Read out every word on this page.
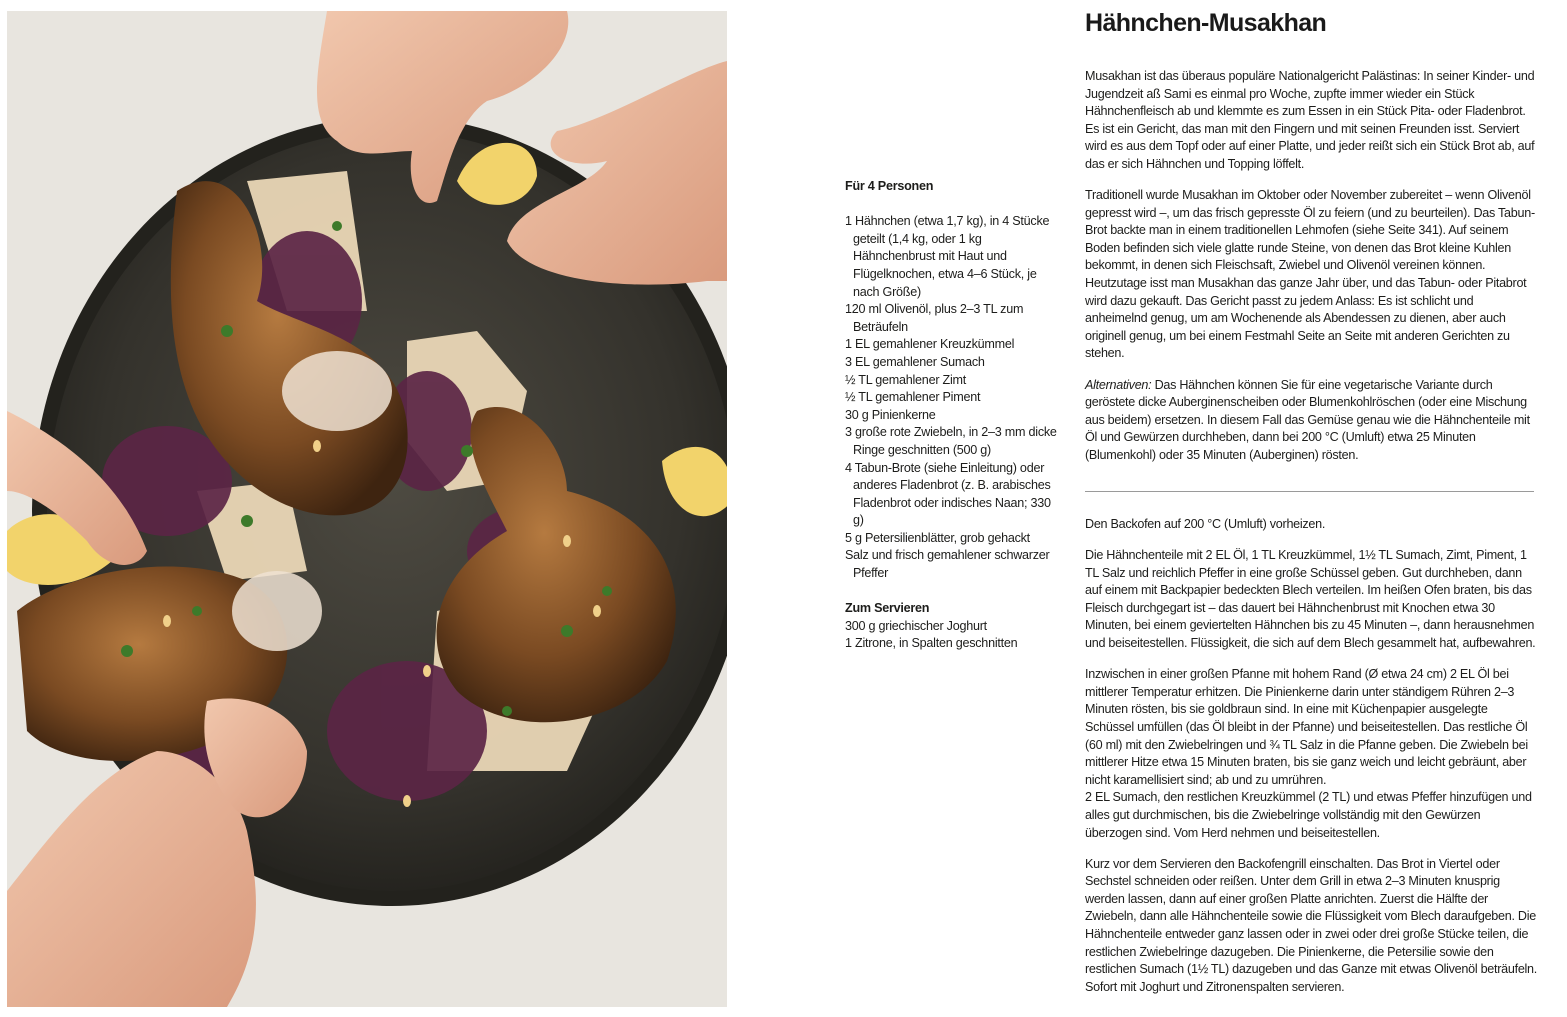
Hähnchen-Musakhan

Für 4 Personen

1 Hähnchen (etwa 1,7 kg), in 4 Stücke geteilt (1,4 kg, oder 1 kg Hähnchenbrust mit Haut und Flügelknochen, etwa 4–6 Stück, je nach Größe)
120 ml Olivenöl, plus 2–3 TL zum Beträufeln
1 EL gemahlener Kreuzkümmel
3 EL gemahlener Sumach
½ TL gemahlener Zimt
½ TL gemahlener Piment
30 g Pinienkerne
3 große rote Zwiebeln, in 2–3 mm dicke Ringe geschnitten (500 g)
4 Tabun-Brote (siehe Einleitung) oder anderes Fladenbrot (z. B. arabisches Fladenbrot oder indisches Naan; 330 g)
5 g Petersilienblätter, grob gehackt
Salz und frisch gemahlener schwarzer Pfeffer

Zum Servieren

300 g griechischer Joghurt
1 Zitrone, in Spalten geschnitten

Musakhan ist das überaus populäre Nationalgericht Palästinas: In seiner Kinder- und Jugendzeit aß Sami es einmal pro Woche, zupfte immer wieder ein Stück Hähnchenfleisch ab und klemmte es zum Essen in ein Stück Pita- oder Fladenbrot. Es ist ein Gericht, das man mit den Fingern und mit seinen Freunden isst. Serviert wird es aus dem Topf oder auf einer Platte, und jeder reißt sich ein Stück Brot ab, auf das er sich Hähnchen und Topping löffelt.

Traditionell wurde Musakhan im Oktober oder November zubereitet – wenn Olivenöl gepresst wird –, um das frisch gepresste Öl zu feiern (und zu beurteilen). Das Tabun-Brot backte man in einem traditionellen Lehmofen (siehe Seite 341). Auf seinem Boden befinden sich viele glatte runde Steine, von denen das Brot kleine Kuhlen bekommt, in denen sich Fleischsaft, Zwiebel und Olivenöl vereinen können. Heutzutage isst man Musakhan das ganze Jahr über, und das Tabun- oder Pitabrot wird dazu gekauft. Das Gericht passt zu jedem Anlass: Es ist schlicht und anheimelnd genug, um am Wochenende als Abendessen zu dienen, aber auch originell genug, um bei einem Festmahl Seite an Seite mit anderen Gerichten zu stehen.

Alternativen: Das Hähnchen können Sie für eine vegetarische Variante durch geröstete dicke Auberginenscheiben oder Blumenkohlröschen (oder eine Mischung aus beidem) ersetzen. In diesem Fall das Gemüse genau wie die Hähnchenteile mit Öl und Gewürzen durchheben, dann bei 200 °C (Umluft) etwa 25 Minuten (Blumenkohl) oder 35 Minuten (Auberginen) rösten.

Den Backofen auf 200 °C (Umluft) vorheizen.

Die Hähnchenteile mit 2 EL Öl, 1 TL Kreuzkümmel, 1½ TL Sumach, Zimt, Piment, 1 TL Salz und reichlich Pfeffer in eine große Schüssel geben. Gut durchheben, dann auf einem mit Backpapier bedeckten Blech verteilen. Im heißen Ofen braten, bis das Fleisch durchgegart ist – das dauert bei Hähnchenbrust mit Knochen etwa 30 Minuten, bei einem geviertelten Hähnchen bis zu 45 Minuten –, dann herausnehmen und beiseitestellen. Flüssigkeit, die sich auf dem Blech gesammelt hat, aufbewahren.

Inzwischen in einer großen Pfanne mit hohem Rand (Ø etwa 24 cm) 2 EL Öl bei mittlerer Temperatur erhitzen. Die Pinienkerne darin unter ständigem Rühren 2–3 Minuten rösten, bis sie goldbraun sind. In eine mit Küchenpapier ausgelegte Schüssel umfüllen (das Öl bleibt in der Pfanne) und beiseitestellen. Das restliche Öl (60 ml) mit den Zwiebelringen und ¾ TL Salz in die Pfanne geben. Die Zwiebeln bei mittlerer Hitze etwa 15 Minuten braten, bis sie ganz weich und leicht gebräunt, aber nicht karamellisiert sind; ab und zu umrühren.

2 EL Sumach, den restlichen Kreuzkümmel (2 TL) und etwas Pfeffer hinzufügen und alles gut durchmischen, bis die Zwiebelringe vollständig mit den Gewürzen überzogen sind. Vom Herd nehmen und beiseitestellen.

Kurz vor dem Servieren den Backofengrill einschalten. Das Brot in Viertel oder Sechstel schneiden oder reißen. Unter dem Grill in etwa 2–3 Minuten knusprig werden lassen, dann auf einer großen Platte anrichten. Zuerst die Hälfte der Zwiebeln, dann alle Hähnchenteile sowie die Flüssigkeit vom Blech daraufgeben. Die Hähnchenteile entweder ganz lassen oder in zwei oder drei große Stücke teilen, die restlichen Zwiebelringe dazugeben. Die Pinienkerne, die Petersilie sowie den restlichen Sumach (1½ TL) dazugeben und das Ganze mit etwas Olivenöl beträufeln. Sofort mit Joghurt und Zitronenspalten servieren.
